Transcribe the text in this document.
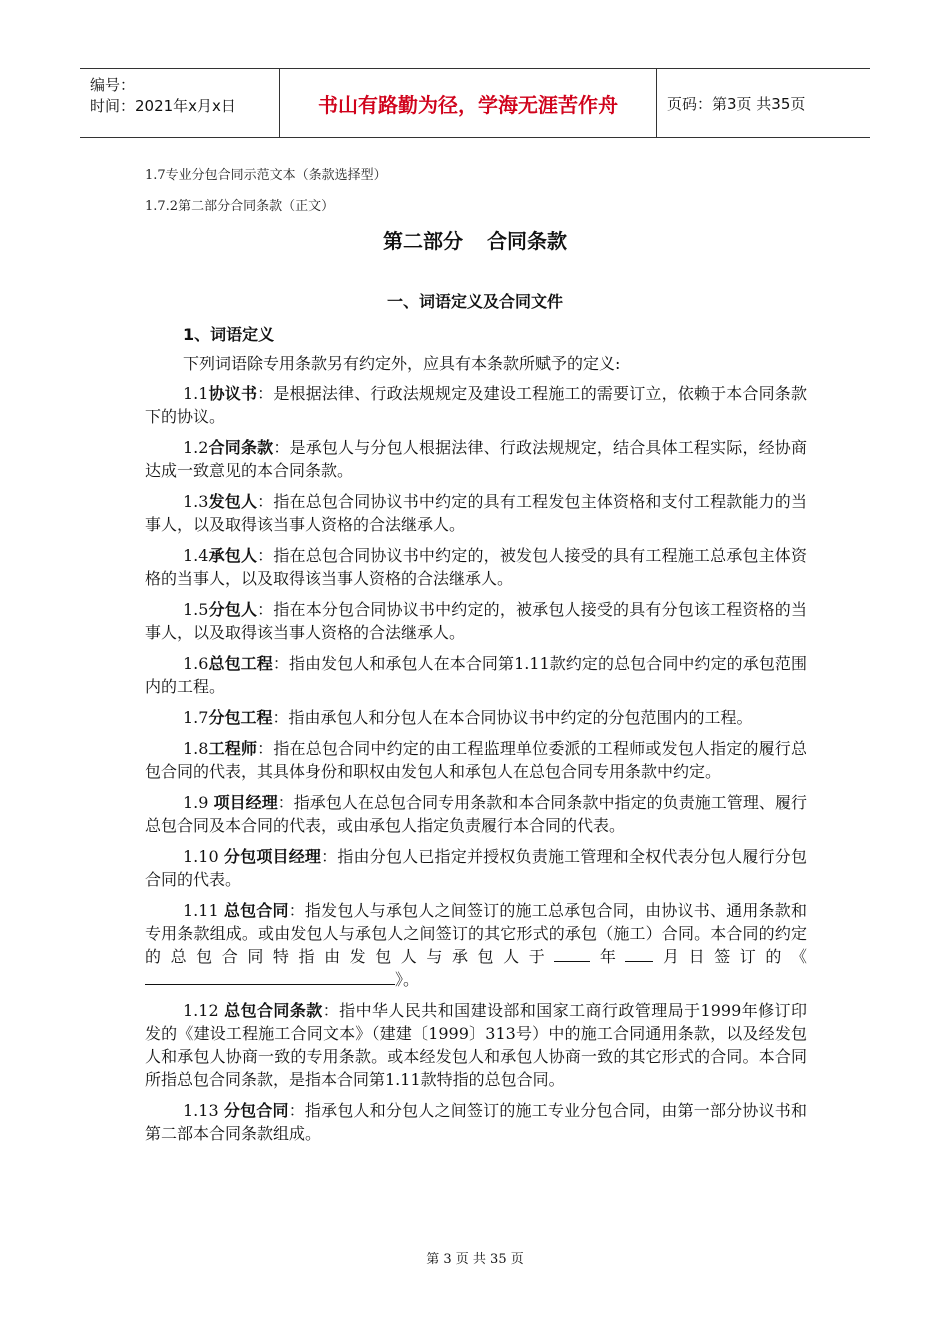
编号：
时间：2021年x月x日	书山有路勤为径，学海无涯苦作舟	页码：第3页 共35页
1.7专业分包合同示范文本（条款选择型）
1.7.2第二部分合同条款（正文）
第二部分 合同条款
一、词语定义及合同文件
1、词语定义
下列词语除专用条款另有约定外，应具有本条款所赋予的定义:

1.1协议书：是根据法律、行政法规规定及建设工程施工的需要订立，依赖于本合同条款下的协议。

1.2合同条款：是承包人与分包人根据法律、行政法规规定，结合具体工程实际，经协商达成一致意见的本合同条款。

1.3发包人：指在总包合同协议书中约定的具有工程发包主体资格和支付工程款能力的当事人，以及取得该当事人资格的合法继承人。

1.4承包人：指在总包合同协议书中约定的，被发包人接受的具有工程施工总承包主体资格的当事人，以及取得该当事人资格的合法继承人。

1.5分包人：指在本分包合同协议书中约定的，被承包人接受的具有分包该工程资格的当事人，以及取得该当事人资格的合法继承人。

1.6总包工程：指由发包人和承包人在本合同第1.11款约定的总包合同中约定的承包范围内的工程。

1.7分包工程：指由承包人和分包人在本合同协议书中约定的分包范围内的工程。

1.8工程师：指在总包合同中约定的由工程监理单位委派的工程师或发包人指定的履行总包合同的代表，其具体身份和职权由发包人和承包人在总包合同专用条款中约定。

1.9 项目经理：指承包人在总包合同专用条款和本合同条款中指定的负责施工管理、履行总包合同及本合同的代表，或由承包人指定负责履行本合同的代表。

1.10 分包项目经理：指由分包人已指定并授权负责施工管理和全权代表分包人履行分包合同的代表。

1.11 总包合同：指发包人与承包人之间签订的施工总承包合同，由协议书、通用条款和专用条款组成。或由发包人与承包人之间签订的其它形式的承包（施工）合同。本合同的约定的总包合同特指由发包人与承包人于 年 月日签订的《》。

1.12 总包合同条款：指中华人民共和国建设部和国家工商行政管理局于1999年修订印发的《建设工程施工合同文本》（建建〔1999〕313号）中的施工合同通用条款，以及经发包人和承包人协商一致的专用条款。或本经发包人和承包人协商一致的其它形式的合同。本合同所指总包合同条款，是指本合同第1.11款特指的总包合同。

1.13 分包合同：指承包人和分包人之间签订的施工专业分包合同，由第一部分协议书和第二部本合同条款组成。

第 3 页 共 35 页
